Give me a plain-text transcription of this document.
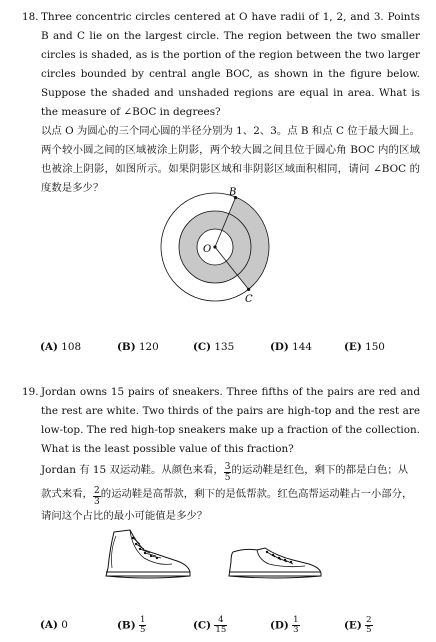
18. Three concentric circles centered at O have radii of 1, 2, and 3. Points B and C lie on the largest circle. The region between the two smaller circles is shaded, as is the portion of the region between the two larger circles bounded by central angle BOC, as shown in the figure below. Suppose the shaded and unshaded regions are equal in area. What is the measure of ∠BOC in degrees?
以点 O 为圆心的三个同心圆的半径分别为 1、2、3。点 B 和点 C 位于最大圆上。两个较小圆之间的区域被涂上阴影，两个较大圆之间且位于圆心角 BOC 内的区域也被涂上阴影，如图所示。如果阴影区域和非阴影区域面积相同，请问 ∠BOC 的度数是多少？
O
B
C
(A) 108	(B) 120	(C) 135	(D) 144	(E) 150
19. Jordan owns 15 pairs of sneakers. Three fifths of the pairs are red and the rest are white. Two thirds of the pairs are high-top and the rest are low-top. The red high-top sneakers make up a fraction of the collection. What is the least possible value of this fraction?
Jordan 有 15 双运动鞋。从颜色来看， $\frac{3}{5}$ 的运动鞋是红色，剩下的都是白色；从
款式来看， $\frac{2}{3}$ 的运动鞋是高帮款，剩下的是低帮款。红色高帮运动鞋占一小部分，
请问这个占比的最小可能值是多少？
(A) 0	$(B) \frac{1}{5}$	$(C) \frac{4}{15}$	$(D) \frac{1}{3}$	$(E) \frac{2}{5}$
